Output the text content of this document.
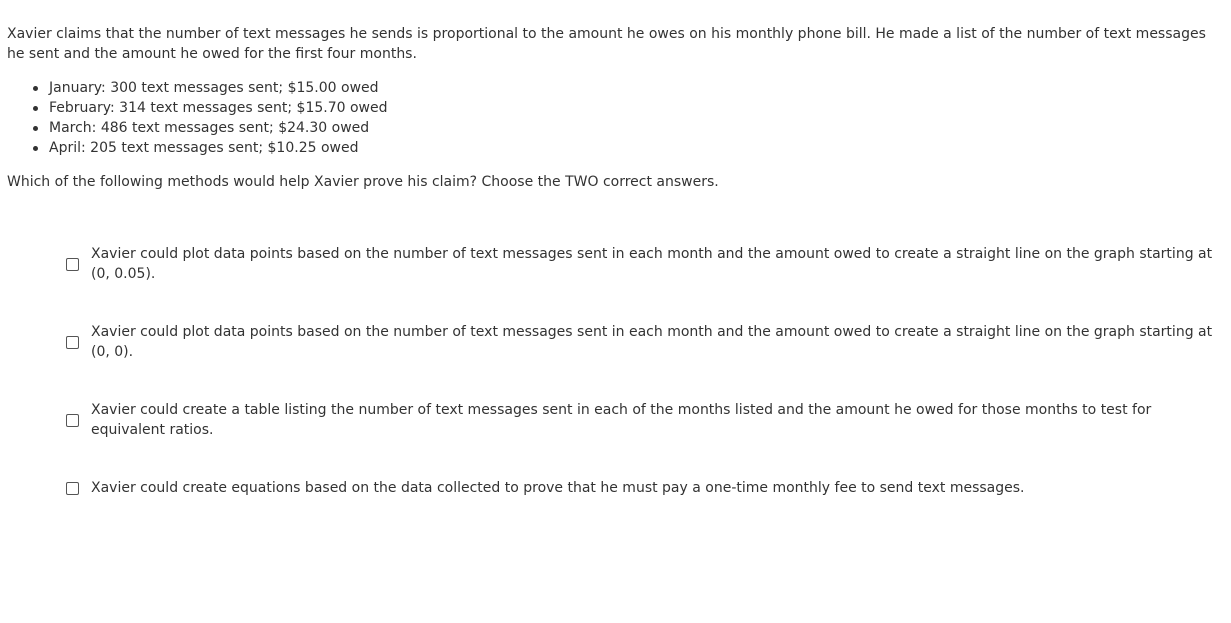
Xavier claims that the number of text messages he sends is proportional to the amount he owes on his monthly phone bill. He made a list of the number of text messages he sent and the amount he owed for the first four months.

January: 300 text messages sent; $15.00 owed
February: 314 text messages sent; $15.70 owed
March: 486 text messages sent; $24.30 owed
April: 205 text messages sent; $10.25 owed

Which of the following methods would help Xavier prove his claim? Choose the TWO correct answers.

Xavier could plot data points based on the number of text messages sent in each month and the amount owed to create a straight line on the graph starting at (0, 0.05).
Xavier could plot data points based on the number of text messages sent in each month and the amount owed to create a straight line on the graph starting at (0, 0).
Xavier could create a table listing the number of text messages sent in each of the months listed and the amount he owed for those months to test for equivalent ratios.
Xavier could create equations based on the data collected to prove that he must pay a one-time monthly fee to send text messages.
